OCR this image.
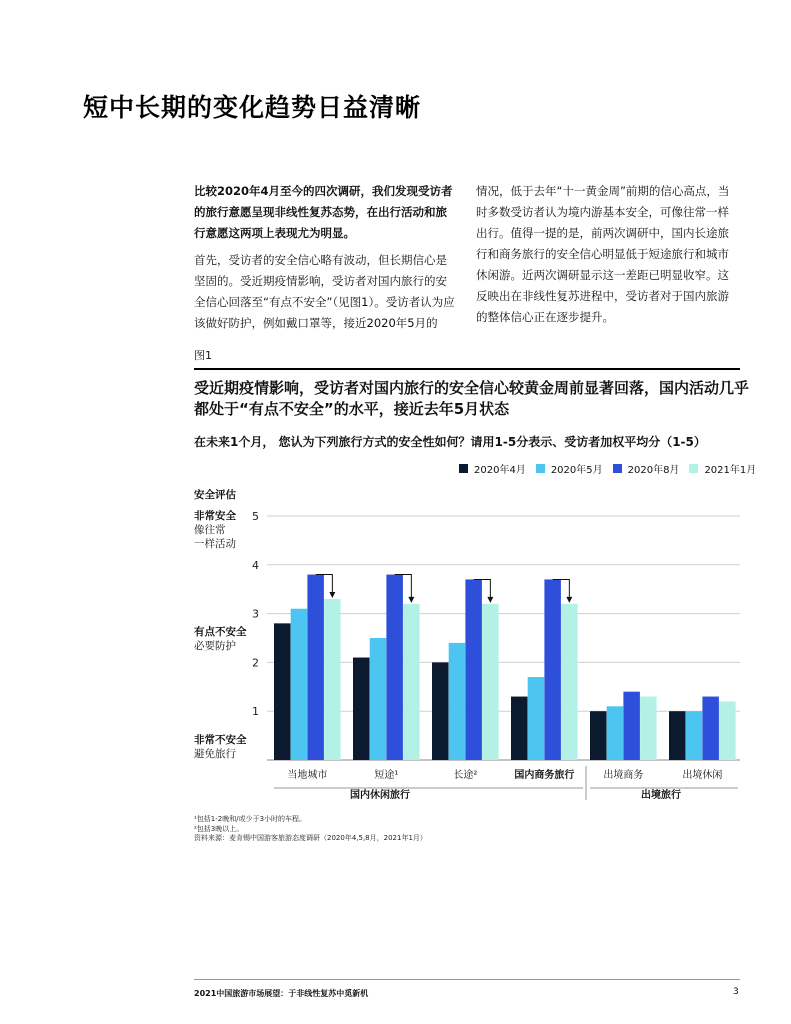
短中长期的变化趋势日益清晰

比较2020年4月至今的四次调研，我们发现受访者的旅行意愿呈现非线性复苏态势，在出行活动和旅行意愿这两项上表现尤为明显。

首先，受访者的安全信心略有波动，但长期信心是坚固的。受近期疫情影响，受访者对国内旅行的安全信心回落至“有点不安全”（见图1）。受访者认为应该做好防护，例如戴口罩等，接近2020年5月的

情况，低于去年“十一黄金周”前期的信心高点，当时多数受访者认为境内游基本安全，可像往常一样出行。值得一提的是，前两次调研中，国内长途旅行和商务旅行的安全信心明显低于短途旅行和城市休闲游。近两次调研显示这一差距已明显收窄。这反映出在非线性复苏进程中，受访者对于国内旅游的整体信心正在逐步提升。

图1
受近期疫情影响，受访者对国内旅行的安全信心较黄金周前显著回落，国内活动几乎都处于“有点不安全”的水平，接近去年5月状态
在未来1个月， 您认为下列旅行方式的安全性如何？请用1-5分表示、受访者加权平均分（1-5）
2020年4月	2020年5月	2020年8月	2021年1月
安全评估
非常安全
像往常
一样活动
有点不安全
必要防护
非常不安全
避免旅行
1
2
3
4
5
当地城市	短途¹	长途²	国内商务旅行	出境商务	出境休闲
国内休闲旅行	出境旅行
¹包括1-2晚和/或少于3小时的车程。
²包括3晚以上。
资料来源：麦肯锡中国游客旅游态度调研（2020年4,5,8月，2021年1月）
2021中国旅游市场展望：于非线性复苏中觅新机	3
